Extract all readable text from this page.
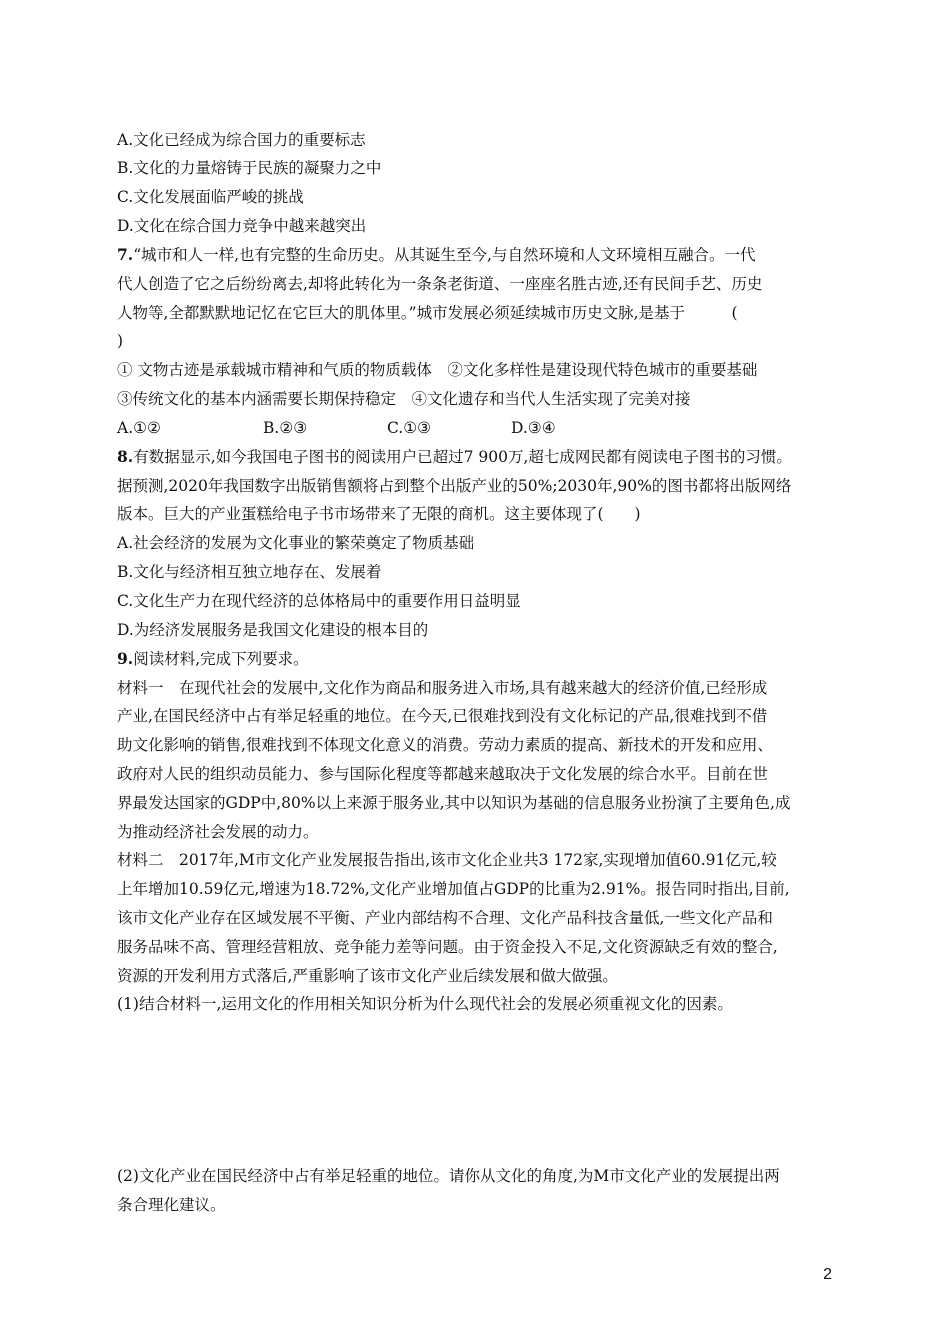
A.文化已经成为综合国力的重要标志
B.文化的力量熔铸于民族的凝聚力之中
C.文化发展面临严峻的挑战
D.文化在综合国力竞争中越来越突出
7.“城市和人一样,也有完整的生命历史。从其诞生至今,与自然环境和人文环境相互融合。一代
代人创造了它之后纷纷离去,却将此转化为一条条老街道、一座座名胜古迹,还有民间手艺、历史
人物等,全都默默地记忆在它巨大的肌体里。”城市发展必须延续城市历史文脉,是基于　　　(
)
① 文物古迹是承载城市精神和气质的物质载体　②文化多样性是建设现代特色城市的重要基础
③传统文化的基本内涵需要长期保持稳定　④文化遗存和当代人生活实现了完美对接
A.①②	B.②③	C.①③	D.③④
8.有数据显示,如今我国电子图书的阅读用户已超过7 900万,超七成网民都有阅读电子图书的习惯。
据预测,2020年我国数字出版销售额将占到整个出版产业的50%;2030年,90%的图书都将出版网络
版本。巨大的产业蛋糕给电子书市场带来了无限的商机。这主要体现了(　　)
A.社会经济的发展为文化事业的繁荣奠定了物质基础
B.文化与经济相互独立地存在、发展着
C.文化生产力在现代经济的总体格局中的重要作用日益明显
D.为经济发展服务是我国文化建设的根本目的
9.阅读材料,完成下列要求。
材料一　在现代社会的发展中,文化作为商品和服务进入市场,具有越来越大的经济价值,已经形成
产业,在国民经济中占有举足轻重的地位。在今天,已很难找到没有文化标记的产品,很难找到不借
助文化影响的销售,很难找到不体现文化意义的消费。劳动力素质的提高、新技术的开发和应用、
政府对人民的组织动员能力、参与国际化程度等都越来越取决于文化发展的综合水平。目前在世
界最发达国家的GDP中,80%以上来源于服务业,其中以知识为基础的信息服务业扮演了主要角色,成
为推动经济社会发展的动力。
材料二　2017年,M市文化产业发展报告指出,该市文化企业共3 172家,实现增加值60.91亿元,较
上年增加10.59亿元,增速为18.72%,文化产业增加值占GDP的比重为2.91%。报告同时指出,目前,
该市文化产业存在区域发展不平衡、产业内部结构不合理、文化产品科技含量低,一些文化产品和
服务品味不高、管理经营粗放、竞争能力差等问题。由于资金投入不足,文化资源缺乏有效的整合,
资源的开发利用方式落后,严重影响了该市文化产业后续发展和做大做强。
(1)结合材料一,运用文化的作用相关知识分析为什么现代社会的发展必须重视文化的因素。
(2)文化产业在国民经济中占有举足轻重的地位。请你从文化的角度,为M市文化产业的发展提出两
条合理化建议。
2
